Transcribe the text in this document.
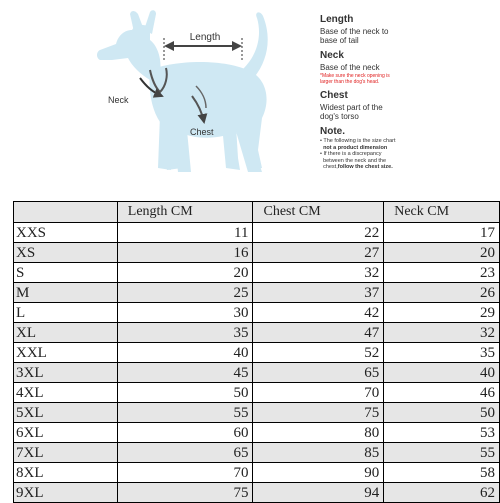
Length
Neck
Chest

Length

Base of the neck to
base of tail

Neck

Base of the neck

*Make sure the neck opening is
larger than the dog's head.

Chest

Widest part of the
dog's torso

Note.

• The following is the size chart
not a product dimension

• If there is a discrepancy
between the neck and the
chest,follow the chest size.

	Length CM	Chest CM	Neck CM
XXS	11	22	17
XS	16	27	20
S	20	32	23
M	25	37	26
L	30	42	29
XL	35	47	32
XXL	40	52	35
3XL	45	65	40
4XL	50	70	46
5XL	55	75	50
6XL	60	80	53
7XL	65	85	55
8XL	70	90	58
9XL	75	94	62
